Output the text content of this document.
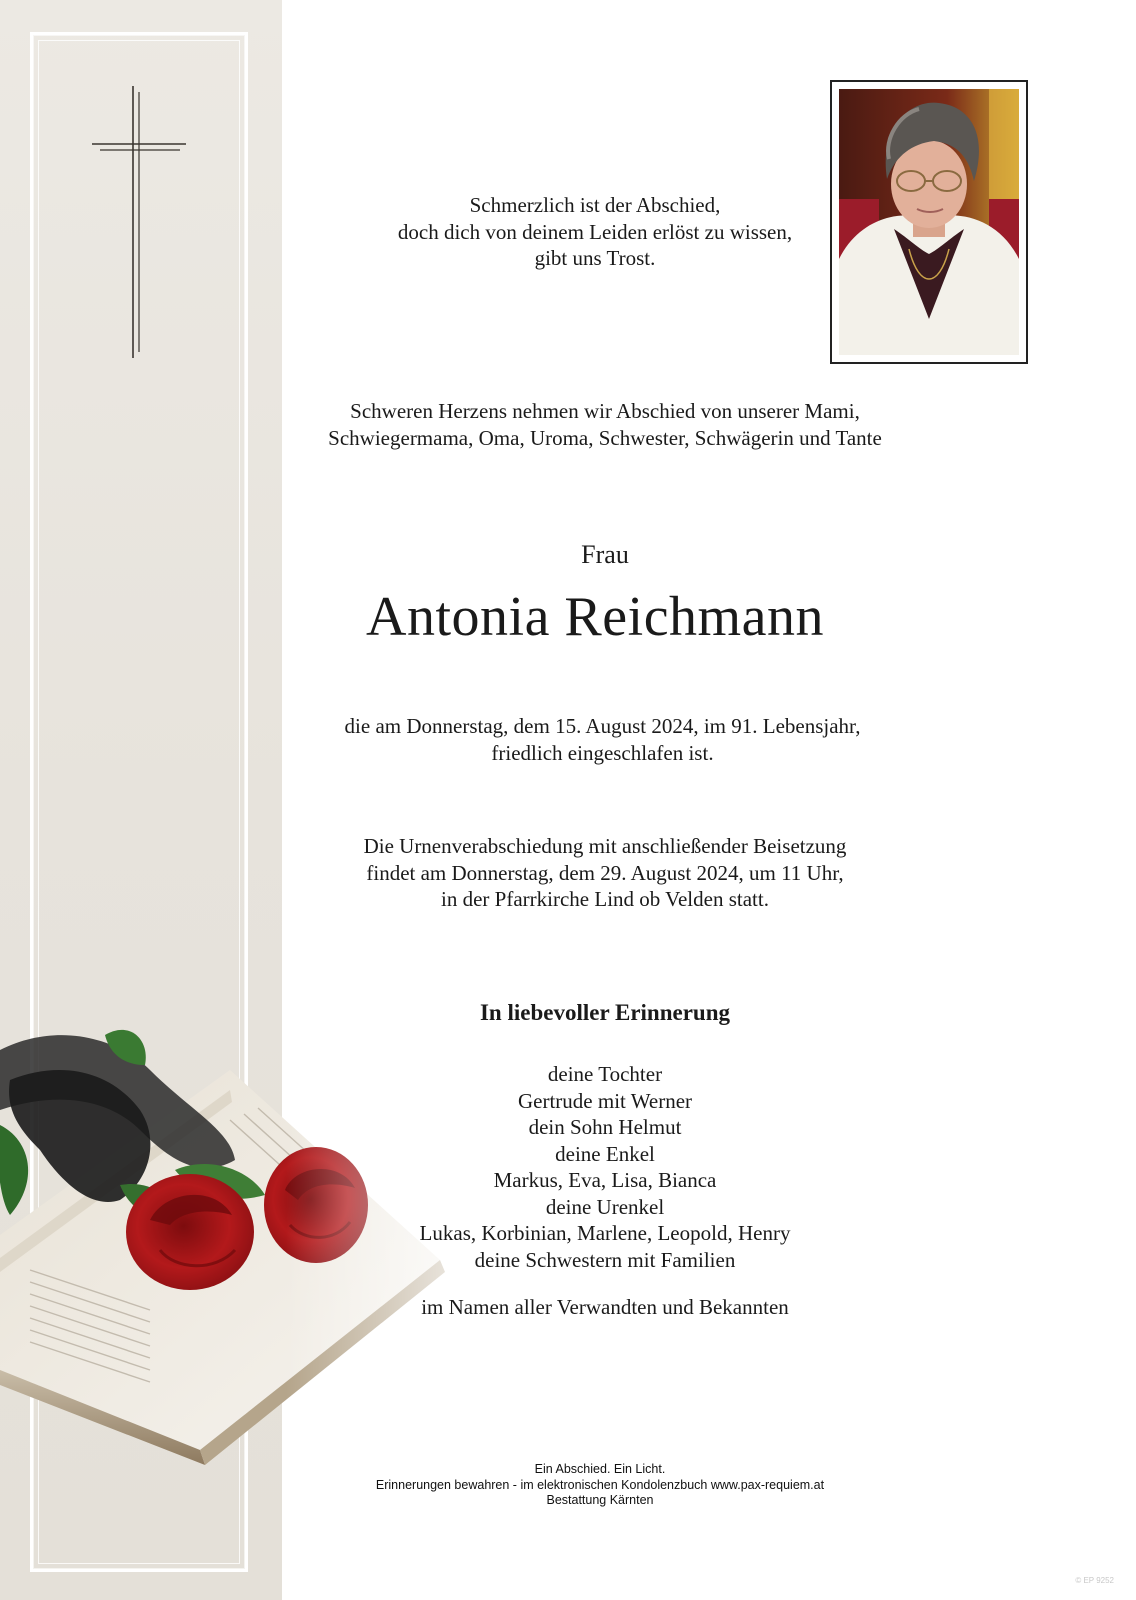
Schmerzlich ist der Abschied,
doch dich von deinem Leiden erlöst zu wissen,
gibt uns Trost.
Schweren Herzens nehmen wir Abschied von unserer Mami,
Schwiegermama, Oma, Uroma, Schwester, Schwägerin und Tante
Frau
Antonia Reichmann
die am Donnerstag, dem 15. August 2024, im 91. Lebensjahr,
friedlich eingeschlafen ist.
Die Urnenverabschiedung mit anschließender Beisetzung
findet am Donnerstag, dem 29. August 2024, um 11 Uhr,
in der Pfarrkirche Lind ob Velden statt.
In liebevoller Erinnerung
deine Tochter
Gertrude mit Werner
dein Sohn Helmut
deine Enkel
Markus, Eva, Lisa, Bianca
deine Urenkel
Lukas, Korbinian, Marlene, Leopold, Henry
deine Schwestern mit Familien
im Namen aller Verwandten und Bekannten
Ein Abschied. Ein Licht.
Erinnerungen bewahren - im elektronischen Kondolenzbuch www.pax-requiem.at
Bestattung Kärnten
© EP 9252
